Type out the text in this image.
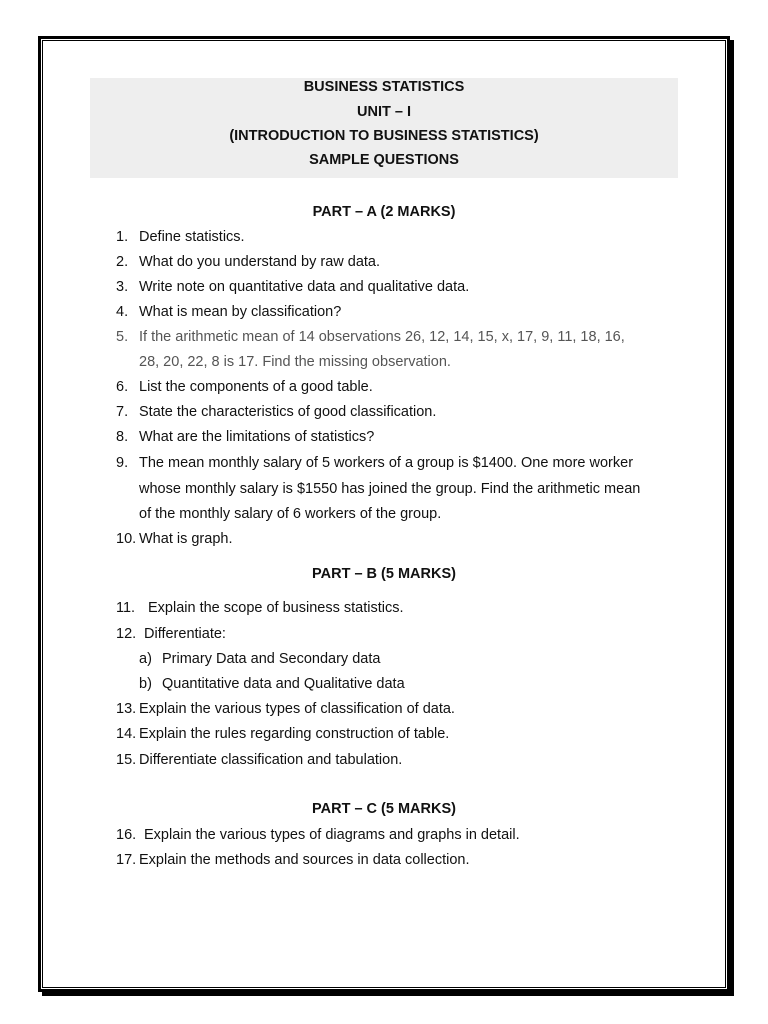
BUSINESS STATISTICS
UNIT – I
(INTRODUCTION TO BUSINESS STATISTICS)
SAMPLE QUESTIONS
PART – A (2 MARKS)
1. Define statistics.
2. What do you understand by raw data.
3. Write note on quantitative data and qualitative data.
4. What is mean by classification?
5. If the arithmetic mean of 14 observations 26, 12, 14, 15, x, 17, 9, 11, 18, 16,
28, 20, 22, 8 is 17. Find the missing observation.
6. List the components of a good table.
7. State the characteristics of good classification.
8. What are the limitations of statistics?
9. The mean monthly salary of 5 workers of a group is $1400. One more worker
whose monthly salary is $1550 has joined the group. Find the arithmetic mean
of the monthly salary of 6 workers of the group.
10. What is graph.
PART – B (5 MARKS)
11. Explain the scope of business statistics.
12. Differentiate:
a) Primary Data and Secondary data
b) Quantitative data and Qualitative data
13. Explain the various types of classification of data.
14. Explain the rules regarding construction of table.
15. Differentiate classification and tabulation.
PART – C (5 MARKS)
16. Explain the various types of diagrams and graphs in detail.
17. Explain the methods and sources in data collection.
